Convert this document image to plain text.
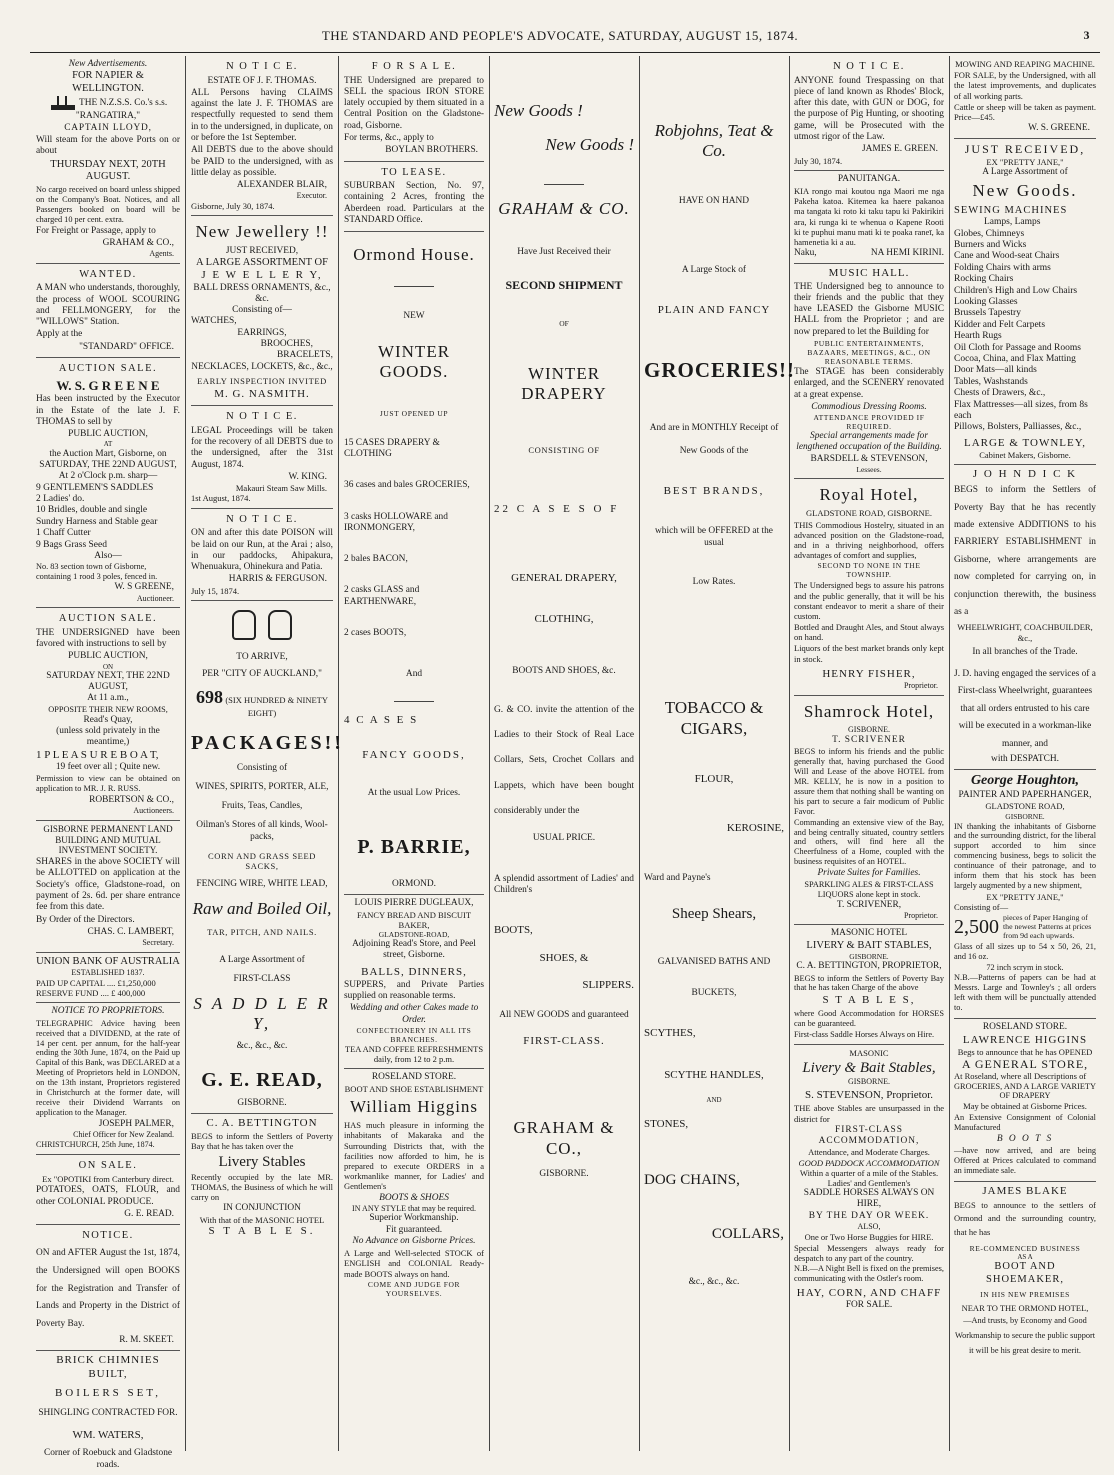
THE STANDARD AND PEOPLE'S ADVOCATE, SATURDAY, AUGUST 15, 1874.	3
New Advertisements.
FOR NAPIER & WELLINGTON.
THE N.Z.S.S. Co.'s s.s.
"RANGATIRA,"
CAPTAIN LLOYD,
Will steam for the above Ports on or about
THURSDAY NEXT, 20TH AUGUST.
No cargo received on board unless shipped on the Company's Boat. Notices, and all Passengers booked on board will be charged 10 per cent. extra.
For Freight or Passage, apply to
GRAHAM & CO.,
Agents.
WANTED.
A MAN who understands, thoroughly, the process of WOOL SCOURING and FELLMONGERY, for the "WILLOWS" Station.
Apply at the
"STANDARD" OFFICE.
AUCTION SALE.
W. S. G R E E N E
Has been instructed by the Executor in the Estate of the late J. F. THOMAS to sell by
PUBLIC AUCTION,
AT
the Auction Mart, Gisborne, on
SATURDAY, THE 22ND AUGUST,
At 2 o'Clock p.m. sharp—
9 GENTLEMEN'S SADDLES
2 Ladies' do.
10 Bridles, double and single
Sundry Harness and Stable gear
1 Chaff Cutter
9 Bags Grass Seed
Also—
No. 83 section town of Gisborne, containing 1 rood 3 poles, fenced in.
W. S GREENE,
Auctioneer.
AUCTION SALE.
THE UNDERSIGNED have been favored with instructions to sell by
PUBLIC AUCTION,
ON
SATURDAY NEXT, THE 22ND AUGUST,
At 11 a.m.,
OPPOSITE THEIR NEW ROOMS,
Read's Quay,
(unless sold privately in the meantime,)
1 P L E A S U R E B O A T,
19 feet over all ; Quite new.
Permission to view can be obtained on application to MR. J. R. RUSS.
ROBERTSON & CO.,
Auctioneers.
GISBORNE PERMANENT LAND BUILDING AND MUTUAL INVESTMENT SOCIETY.
SHARES in the above SOCIETY will be ALLOTTED on application at the Society's office, Gladstone-road, on payment of 2s. 6d. per share entrance fee from this date.
By Order of the Directors.
CHAS. C. LAMBERT,
Secretary.
UNION BANK OF AUSTRALIA
ESTABLISHED 1837.
PAID UP CAPITAL .... £1,250,000
RESERVE FUND .... £ 400,000
NOTICE TO PROPRIETORS.
TELEGRAPHIC Advice having been received that a DIVIDEND, at the rate of 14 per cent. per annum, for the half-year ending the 30th June, 1874, on the Paid up Capital of this Bank, was DECLARED at a Meeting of Proprietors held in LONDON, on the 13th instant, Proprietors registered in Christchurch at the former date, will receive their Dividend Warrants on application to the Manager.
JOSEPH PALMER,
Chief Officer for New Zealand.
CHRISTCHURCH, 25th June, 1874.
ON SALE.
Ex "OPOTIKI from Canterbury direct.
POTATOES, OATS, FLOUR, and other COLONIAL PRODUCE.
G. E. READ.
NOTICE.
ON and AFTER August the 1st, 1874, the Undersigned will open BOOKS for the Registration and Transfer of Lands and Property in the District of Poverty Bay.
R. M. SKEET.
BRICK CHIMNIES BUILT,
BOILERS SET,
SHINGLING CONTRACTED FOR.
WM. WATERS,
Corner of Roebuck and Gladstone roads.
N O T I C E.
ESTATE OF J. F. THOMAS.
ALL Persons having CLAIMS against the late J. F. THOMAS are respectfully requested to send them in to the undersigned, in duplicate, on or before the 1st September.
All DEBTS due to the above should be PAID to the undersigned, with as little delay as possible.
ALEXANDER BLAIR,
Executor.
Gisborne, July 30, 1874.
New Jewellery !!
JUST RECEIVED,
A LARGE ASSORTMENT OF
J E W E L L E R Y,
BALL DRESS ORNAMENTS, &c., &c.
Consisting of—
WATCHES,
EARRINGS,
BROOCHES,
BRACELETS,
NECKLACES, LOCKETS, &c., &c.,
EARLY INSPECTION INVITED
M. G. NASMITH.
N O T I C E.
LEGAL Proceedings will be taken for the recovery of all DEBTS due to the undersigned, after the 31st August, 1874.
W. KING.
Makauri Steam Saw Mills.
1st August, 1874.
N O T I C E.
ON and after this date POISON will be laid on our Run, at the Arai ; also, in our paddocks, Ahipakura, Whenuakura, Ohinekura and Patia.
HARRIS & FERGUSON.
July 15, 1874.
TO ARRIVE,
PER "CITY OF AUCKLAND,"
698 (SIX HUNDRED & NINETY EIGHT)
PACKAGES!!
Consisting of
WINES, SPIRITS, PORTER, ALE,
Fruits, Teas, Candles,
Oilman's Stores of all kinds, Wool-packs,
CORN AND GRASS SEED SACKS,
FENCING WIRE, WHITE LEAD,
Raw and Boiled Oil,
TAR, PITCH, AND NAILS.
A Large Assortment of
FIRST-CLASS
S A D D L E R Y,
&c., &c., &c.
G. E. READ,
GISBORNE.
C. A. BETTINGTON
BEGS to inform the Settlers of Poverty Bay that he has taken over the
Livery Stables
Recently occupied by the late MR. THOMAS, the Business of which he will carry on
IN CONJUNCTION
With that of the MASONIC HOTEL
S T A B L E S.
F O R S A L E.
THE Undersigned are prepared to SELL the spacious IRON STORE lately occupied by them situated in a Central Position on the Gladstone-road, Gisborne.
For terms, &c., apply to
BOYLAN BROTHERS.
TO LEASE.
SUBURBAN Section, No. 97, containing 2 Acres, fronting the Aberdeen road. Particulars at the STANDARD Office.
Ormond House.
NEW
WINTER GOODS.
JUST OPENED UP
15 CASES DRAPERY & CLOTHING
36 cases and bales GROCERIES,
3 casks HOLLOWARE and IRONMONGERY,
2 bales BACON,
2 casks GLASS and EARTHENWARE,
2 cases BOOTS,
And
4 C A S E S
FANCY GOODS,
At the usual Low Prices.
P. BARRIE,
ORMOND.
LOUIS PIERRE DUGLEAUX,
FANCY BREAD AND BISCUIT BAKER,
GLADSTONE-ROAD,
Adjoining Read's Store, and Peel street, Gisborne.
BALLS, DINNERS,
SUPPERS, and Private Parties supplied on reasonable terms.
Wedding and other Cakes made to Order.
CONFECTIONERY IN ALL ITS BRANCHES.
TEA AND COFFEE REFRESHMENTS daily, from 12 to 2 p.m.
ROSELAND STORE.
BOOT AND SHOE ESTABLISHMENT
William Higgins
HAS much pleasure in informing the inhabitants of Makaraka and the Surrounding Districts that, with the facilities now afforded to him, he is prepared to execute ORDERS in a workmanlike manner, for Ladies' and Gentlemen's
BOOTS & SHOES
IN ANY STYLE that may be required.
Superior Workmanship.
Fit guaranteed.
No Advance on Gisborne Prices.
A Large and Well-selected STOCK of ENGLISH and COLONIAL Ready-made BOOTS always on hand.
COME AND JUDGE FOR YOURSELVES.
New Goods !
New Goods !
GRAHAM & CO.
Have Just Received their
SECOND SHIPMENT
OF
WINTER DRAPERY
CONSISTING OF
22 C A S E S O F
GENERAL DRAPERY,
CLOTHING,
BOOTS AND SHOES, &c.
G. & CO. invite the attention of the Ladies to their Stock of Real Lace Collars, Sets, Crochet Collars and Lappets, which have been bought considerably under the
USUAL PRICE.
A splendid assortment of Ladies' and Children's
BOOTS,
SHOES, &
SLIPPERS.
All NEW GOODS and guaranteed
FIRST-CLASS.
GRAHAM & CO.,
GISBORNE.
Robjohns, Teat & Co.
HAVE ON HAND
A Large Stock of
PLAIN AND FANCY
GROCERIES!!
And are in MONTHLY Receipt of
New Goods of the
BEST BRANDS,
which will be OFFERED at the usual
Low Rates.
TOBACCO & CIGARS,
FLOUR,
KEROSINE,
Ward and Payne's
Sheep Shears,
GALVANISED BATHS AND
BUCKETS,
SCYTHES,
SCYTHE HANDLES,
AND
STONES,
DOG CHAINS,
COLLARS,
&c., &c., &c.
N O T I C E.
ANYONE found Trespassing on that piece of land known as Rhodes' Block, after this date, with GUN or DOG, for the purpose of Pig Hunting, or shooting game, will be Prosecuted with the utmost rigor of the Law.
JAMES E. GREEN.
July 30, 1874.
PANUITANGA.
KIA rongo mai koutou nga Maori me nga Pakeha katoa. Kitemea ka haere pakanoa ma tangata ki roto ki taku tapu ki Pakirikiri ara, ki runga ki te whenua o Kapene Rooti ki te puphui manu mati ki te poaka raneī, ka hamenetia ki a au.
Naku,	NA HEMI KIRINI.
MUSIC HALL.
THE Undersigned beg to announce to their friends and the public that they have LEASED the Gisborne MUSIC HALL from the Proprietor ; and are now prepared to let the Building for
PUBLIC ENTERTAINMENTS, BAZAARS, MEETINGS, &C., ON REASONABLE TERMS.
The STAGE has been considerably enlarged, and the SCENERY renovated at a great expense.
Commodious Dressing Rooms.
ATTENDANCE PROVIDED IF REQUIRED.
Special arrangements made for lengthened occupation of the Building.
BARSDELL & STEVENSON,
Lessees.
Royal Hotel,
GLADSTONE ROAD, GISBORNE.
THIS Commodious Hostelry, situated in an advanced position on the Gladstone-road, and in a thriving neighborhood, offers advantages of comfort and supplies,
SECOND TO NONE IN THE TOWNSHIP.
The Undersigned begs to assure his patrons and the public generally, that it will be his constant endeavor to merit a share of their custom.
Bottled and Draught Ales, and Stout always on hand.
Liquors of the best market brands only kept in stock.
HENRY FISHER,
Proprietor.
Shamrock Hotel,
GISBORNE.
T. SCRIVENER
BEGS to inform his friends and the public generally that, having purchased the Good Will and Lease of the above HOTEL from MR. KELLY, he is now in a position to assure them that nothing shall be wanting on his part to secure a fair modicum of Public Favor.
Commanding an extensive view of the Bay, and being centrally situated, country settlers and others, will find here all the Cheerfulness of a Home, coupled with the business requisites of an HOTEL.
Private Suites for Families.
SPARKLING ALES & FIRST-CLASS LIQUORS alone kept in stock.
T. SCRIVENER,
Proprietor.
MASONIC HOTEL
LIVERY & BAIT STABLES,
GISBORNE.
C. A. BETTINGTON, PROPRIETOR,
BEGS to inform the Settlers of Poverty Bay that he has taken Charge of the above
S T A B L E S,
where Good Accommodation for HORSES can be guaranteed.
First-class Saddle Horses Always on Hire.
MASONIC
Livery & Bait Stables,
GISBORNE.
S. STEVENSON, Proprietor.
THE above Stables are unsurpassed in the district for
FIRST-CLASS ACCOMMODATION,
Attendance, and Moderate Charges.
GOOD PADDOCK ACCOMMODATION
Within a quarter of a mile of the Stables.
Ladies' and Gentlemen's
SADDLE HORSES ALWAYS ON HIRE,
BY THE DAY OR WEEK.
ALSO,
One or Two Horse Buggies for HIRE.
Special Messengers always ready for despatch to any part of the country.
N.B.—A Night Bell is fixed on the premises, communicating with the Ostler's room.
HAY, CORN, AND CHAFF
FOR SALE.
MOWING AND REAPING MACHINE.
FOR SALE, by the Undersigned, with all the latest improvements, and duplicates of all working parts.
Cattle or sheep will be taken as payment. Price—£45.
W. S. GREENE.
JUST RECEIVED,
EX "PRETTY JANE,"
A Large Assortment of
New Goods.
SEWING MACHINES
Lamps, Lamps
Globes, Chimneys
Burners and Wicks
Cane and Wood-seat Chairs
Folding Chairs with arms
Rocking Chairs
Children's High and Low Chairs
Looking Glasses
Brussels Tapestry
Kidder and Felt Carpets
Hearth Rugs
Oil Cloth for Passage and Rooms
Cocoa, China, and Flax Matting
Door Mats—all kinds
Tables, Washstands
Chests of Drawers, &c.,
Flax Mattresses—all sizes, from 8s each
Pillows, Bolsters, Palliasses, &c.,
LARGE & TOWNLEY,
Cabinet Makers, Gisborne.
J O H N D I C K
BEGS to inform the Settlers of Poverty Bay that he has recently made extensive ADDITIONS to his FARRIERY ESTABLISHMENT in Gisborne, where arrangements are now completed for carrying on, in conjunction therewith, the business as a
WHEELWRIGHT, COACHBUILDER, &c.,
In all branches of the Trade.
J. D. having engaged the services of a First-class Wheelwright, guarantees that all orders entrusted to his care will be executed in a workman-like manner, and
with DESPATCH.
George Houghton,
PAINTER AND PAPERHANGER,
GLADSTONE ROAD,
GISBORNE.
IN thanking the inhabitants of Gisborne and the surrounding district, for the liberal support accorded to him since commencing business, begs to solicit the continuance of their patronage, and to inform them that his stock has been largely augmented by a new shipment,
EX "PRETTY JANE,"
Consisting of—
2,500 pieces of Paper Hanging of the newest Patterns at prices from 9d each upwards.
Glass of all sizes up to 54 x 50, 26, 21, and 16 oz.
72 inch scrym in stock.
N.B.—Patterns of papers can be had at Messrs. Large and Townley's ; all orders left with them will be punctually attended to.
ROSELAND STORE.
LAWRENCE HIGGINS
Begs to announce that he has OPENED
A GENERAL STORE,
At Roseland, where all Descriptions of
GROCERIES, AND A LARGE VARIETY OF DRAPERY
May be obtained at Gisborne Prices.
An Extensive Consignment of Colonial Manufactured
B O O T S
—have now arrived, and are being Offered at Prices calculated to command an immediate sale.
JAMES BLAKE
BEGS to announce to the settlers of Ormond and the surrounding country, that he has
RE-COMMENCED BUSINESS
AS A
BOOT AND SHOEMAKER,
IN HIS NEW PREMISES
NEAR TO THE ORMOND HOTEL,
—And trusts, by Economy and Good Workmanship to secure the public support it will be his great desire to merit.
